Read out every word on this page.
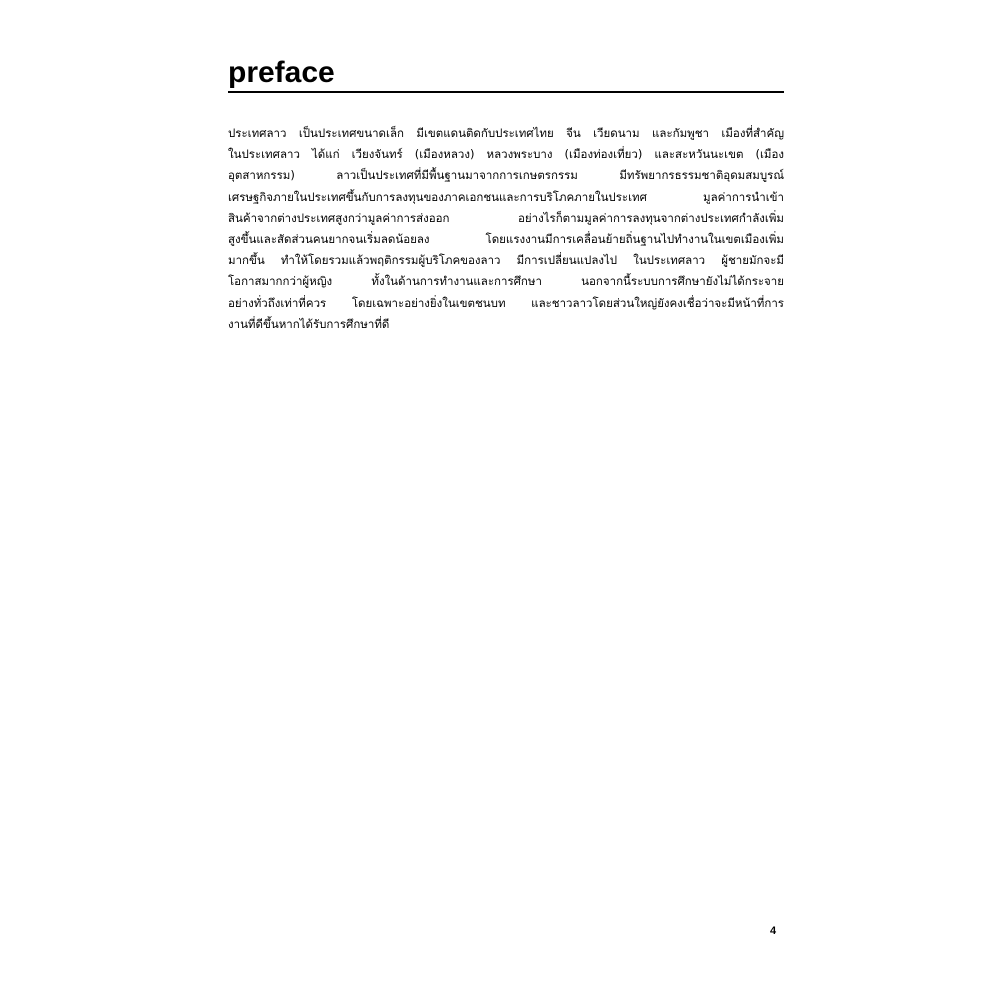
preface
ประเทศลาว เป็นประเทศขนาดเล็ก มีเขตแดนติดกับประเทศไทย จีน เวียดนาม และกัมพูชา เมืองที่สำคัญ
ในประเทศลาว ได้แก่ เวียงจันทร์ (เมืองหลวง) หลวงพระบาง (เมืองท่องเที่ยว) และสะหวันนะเขต (เมือง
อุตสาหกรรม) ลาวเป็นประเทศที่มีพื้นฐานมาจากการเกษตรกรรม มีทรัพยากรธรรมชาติอุดมสมบูรณ์
เศรษฐกิจภายในประเทศขึ้นกับการลงทุนของภาคเอกชนและการบริโภคภายในประเทศ มูลค่าการนำเข้า
สินค้าจากต่างประเทศสูงกว่ามูลค่าการส่งออก อย่างไรก็ตามมูลค่าการลงทุนจากต่างประเทศกำลังเพิ่ม
สูงขึ้นและสัดส่วนคนยากจนเริ่มลดน้อยลง โดยแรงงานมีการเคลื่อนย้ายถิ่นฐานไปทำงานในเขตเมืองเพิ่ม
มากขึ้น ทำให้โดยรวมแล้วพฤติกรรมผู้บริโภคของลาว มีการเปลี่ยนแปลงไป ในประเทศลาว ผู้ชายมักจะมี
โอกาสมากกว่าผู้หญิง ทั้งในด้านการทำงานและการศึกษา นอกจากนี้ระบบการศึกษายังไม่ได้กระจาย
อย่างทั่วถึงเท่าที่ควร โดยเฉพาะอย่างยิ่งในเขตชนบท และชาวลาวโดยส่วนใหญ่ยังคงเชื่อว่าจะมีหน้าที่การ
งานที่ดีขึ้นหากได้รับการศึกษาที่ดี
4
